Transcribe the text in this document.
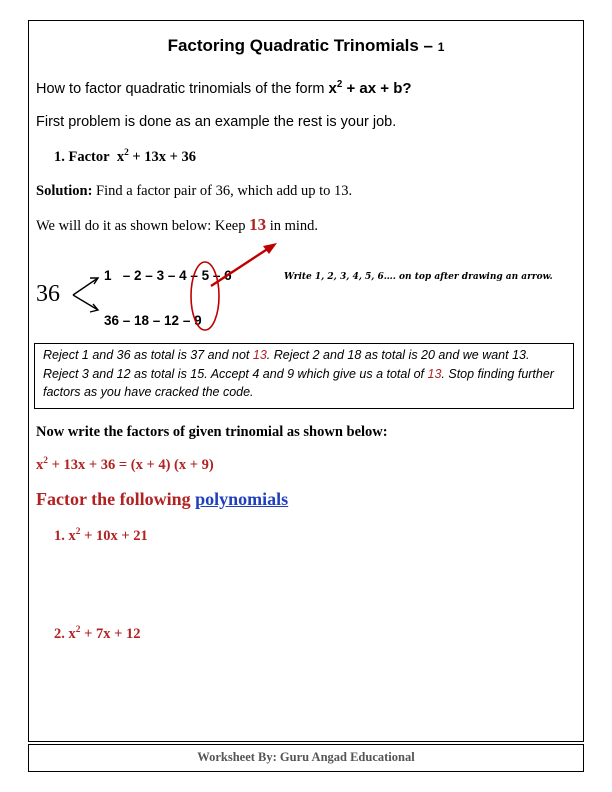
Factoring Quadratic Trinomials – 1
How to factor quadratic trinomials of the form $x^2$ + ax + b?
First problem is done as an example the rest is your job.
1. Factor $x^2 + 13x + 36$
Solution: Find a factor pair of 36, which add up to 13.
We will do it as shown below: Keep 13 in mind.
36
1 – 2 – 3 – 4 – 5 – 6	Write 1, 2, 3, 4, 5, 6…. on top after drawing an arrow.
36 – 18 – 12 – 9
Reject 1 and 36 as total is 37 and not 13. Reject 2 and 18 as total is 20 and we want 13.
Reject 3 and 12 as total is 15. Accept 4 and 9 which give us a total of 13. Stop finding further
factors as you have cracked the code.
Now write the factors of given trinomial as shown below:
$x^2 + 13x + 36 = (x + 4) (x + 9)$
Factor the following polynomials
1. $x^2 + 10x + 21$
2. $x^2 + 7x + 12$
Worksheet By: Guru Angad Educational
